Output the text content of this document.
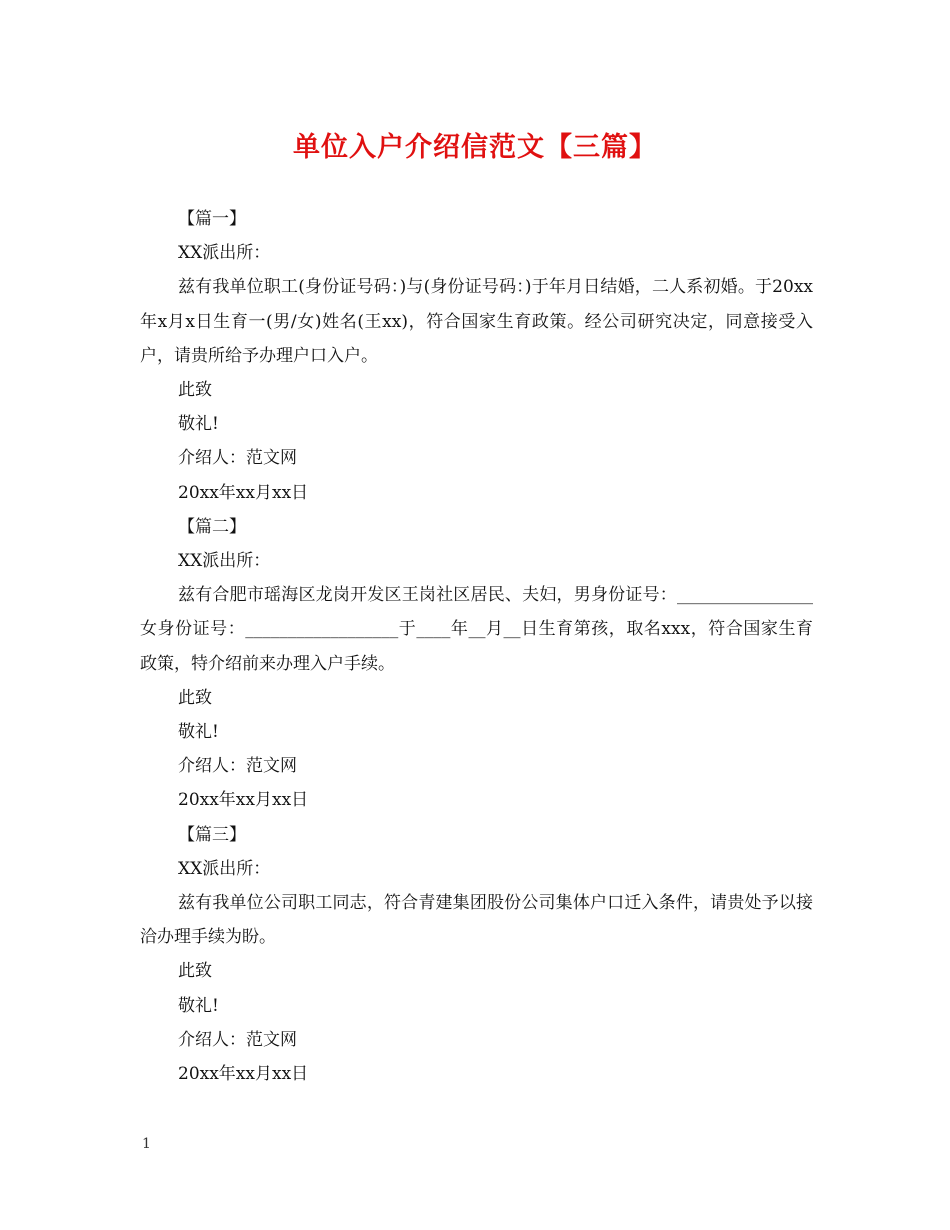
单位入户介绍信范文【三篇】

【篇一】

XX派出所：

兹有我单位职工(身份证号码：)与(身份证号码：)于年月日结婚，二人系初婚。于20xx年x月x日生育一(男/女)姓名(王xx)，符合国家生育政策。经公司研究决定，同意接受入户，请贵所给予办理户口入户。

此致

敬礼!

介绍人：范文网

20xx年xx月xx日

【篇二】

XX派出所：

兹有合肥市瑶海区龙岗开发区王岗社区居民、夫妇，男身份证号：________________女身份证号：__________________于____年__月__日生育第孩，取名xxx，符合国家生育政策，特介绍前来办理入户手续。

此致

敬礼!

介绍人：范文网

20xx年xx月xx日

【篇三】

XX派出所：

兹有我单位公司职工同志，符合青建集团股份公司集体户口迁入条件，请贵处予以接洽办理手续为盼。

此致

敬礼!

介绍人：范文网

20xx年xx月xx日

1
